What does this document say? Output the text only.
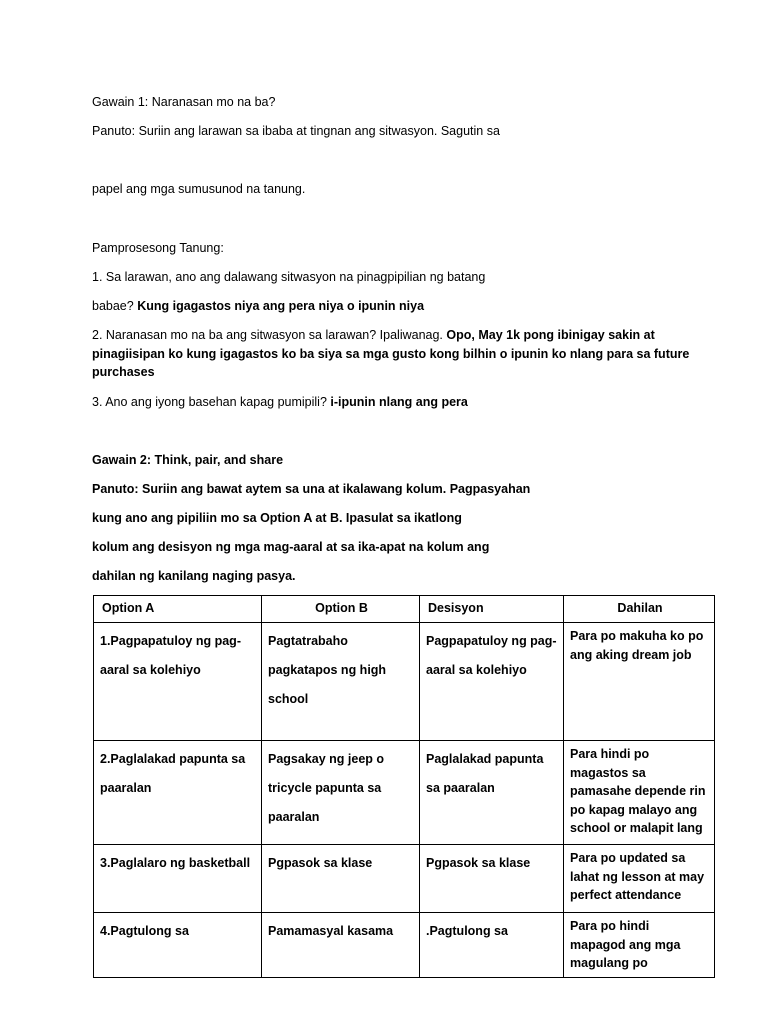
Gawain 1: Naranasan mo na ba?
Panuto: Suriin ang larawan sa ibaba at tingnan ang sitwasyon. Sagutin sa
papel ang mga sumusunod na tanung.
Pamprosesong Tanung:
1. Sa larawan, ano ang dalawang sitwasyon na pinagpipilian ng batang
babae? Kung igagastos niya ang pera niya o ipunin niya
2. Naranasan mo na ba ang sitwasyon sa larawan? Ipaliwanag. Opo, May 1k pong ibinigay sakin at pinagiisipan ko kung igagastos ko ba siya sa mga gusto kong bilhin o ipunin ko nlang para sa future purchases
3. Ano ang iyong basehan kapag pumipili? i-ipunin nlang ang pera
Gawain 2: Think, pair, and share
Panuto: Suriin ang bawat aytem sa una at ikalawang kolum. Pagpasyahan
kung ano ang pipiliin mo sa Option A at B. Ipasulat sa ikatlong
kolum ang desisyon ng mga mag-aaral at sa ika-apat na kolum ang
dahilan ng kanilang naging pasya.
Option A	Option B	Desisyon	Dahilan
1.Pagpapatuloy ng pag-aaral sa kolehiyo	Pagtatrabaho pagkatapos ng high school	Pagpapatuloy ng pag-aaral sa kolehiyo	Para po makuha ko po ang aking dream job
2.Paglalakad papunta sa paaralan	Pagsakay ng jeep o tricycle papunta sa paaralan	Paglalakad papunta sa paaralan	Para hindi po magastos sa pamasahe depende rin po kapag malayo ang school or malapit lang
3.Paglalaro ng basketball	Pgpasok sa klase	Pgpasok sa klase	Para po updated sa lahat ng lesson at may perfect attendance
4.Pagtulong sa	Pamamasyal kasama	.Pagtulong sa	Para po hindi mapagod ang mga magulang po
